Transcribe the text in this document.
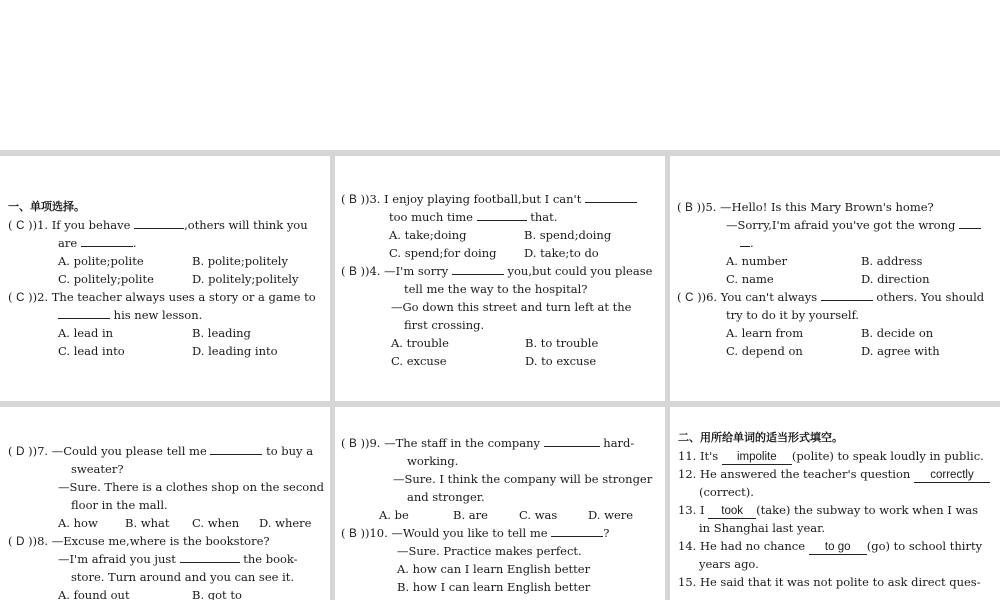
一、单项选择。
( C ))1. If you behave	,others will think you
are	.
A. polite;polite	B. polite;politely
C. politely;polite	D. politely;politely
( C ))2. The teacher always uses a story or a game to
his new lesson.
A. lead in	B. leading
C. lead into	D. leading into
( B ))3. I enjoy playing football,but I can't
too much time	that.
A. take;doing	B. spend;doing
C. spend;for doing D. take;to do
( B ))4. —I'm sorry	you,but could you please
tell me the way to the hospital?
—Go down this street and turn left at the
first crossing.
A. trouble	B. to trouble
C. excuse	D. to excuse
( B ))5. —Hello! Is this Mary Brown's home?
—Sorry,I'm afraid you've got the wrong
.
A. number	B. address
C. name	D. direction
( C ))6. You can't always	others. You should
try to do it by yourself.
A. learn from	B. decide on
C. depend on	D. agree with
( D ))7. —Could you please tell me	to buy a
sweater?
—Sure. There is a clothes shop on the second
floor in the mall.
A. how B. what C. when D. where
( D ))8. —Excuse me,where is the bookstore?
—I'm afraid you just	the book-
store. Turn around and you can see it.
A. found out	B. got to
( B ))9. —The staff in the company	hard-
working.
—Sure. I think the company will be stronger
and stronger.
A. be	B. are	C. was	D. were
( B ))10. —Would you like to tell me	?
—Sure. Practice makes perfect.
A. how can I learn English better
B. how I can learn English better
二、用所给单词的适当形式填空。
11. It's impolite (polite) to speak loudly in public.
12. He answered the teacher's question correctly
(correct).
13. I took (take) the subway to work when I was
in Shanghai last year.
14. He had no chance to go (go) to school thirty
years ago.
15. He said that it was not polite to ask direct ques-
